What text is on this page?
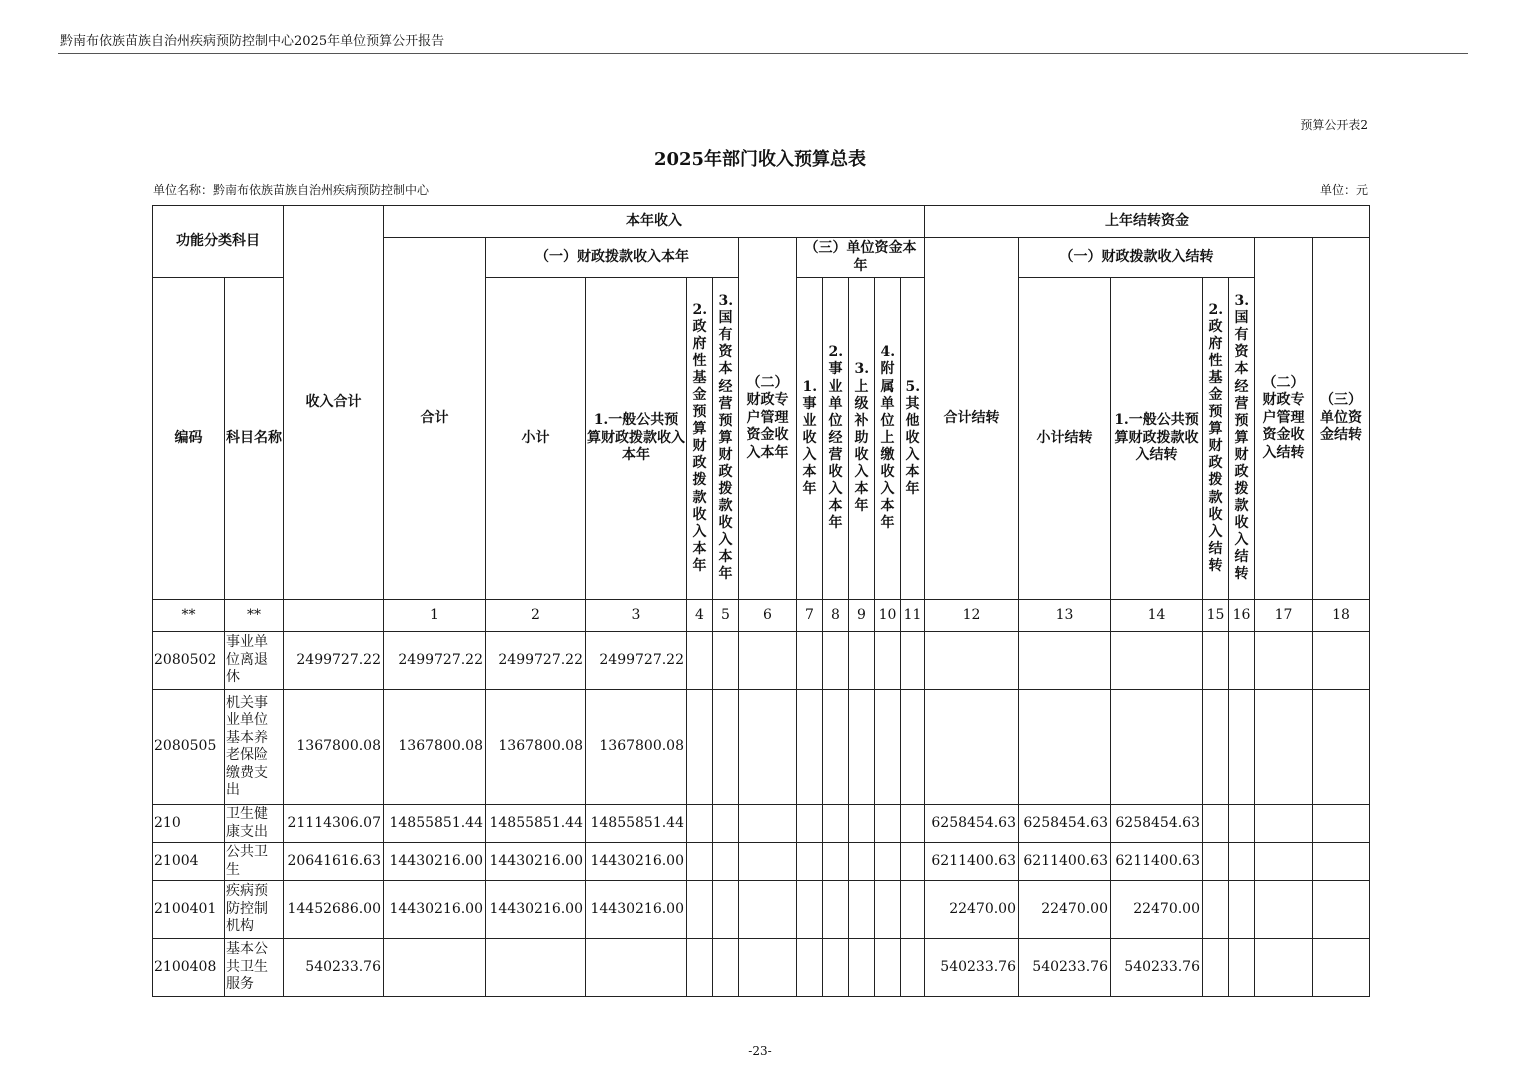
黔南布依族苗族自治州疾病预防控制中心2025年单位预算公开报告
预算公开表2
2025年部门收入预算总表
单位名称：黔南布依族苗族自治州疾病预防控制中心	单位：元
功能分类科目		收入合计	本年收入											上年结转资金						
			合计	（一）财政拨款收入本年				（二）财政专户管理资金收入本年	（三）单位资金本年					合计结转	（一）财政拨款收入结转				（二）财政专户管理资金收入结转	（三）单位资金结转
编码	科目名称			小计	1.一般公共预算财政拨款收入本年	2.政府性基金预算财政拨款收入本年	3.国有资本经营预算财政拨款收入本年		1.事业收入本年	2.事业单位经营收入本年	3.上级补助收入本年	4.附属单位上缴收入本年	5.其他收入本年		小计结转	1.一般公共预算财政拨款收入结转	2.政府性基金预算财政拨款收入结转	3.国有资本经营预算财政拨款收入结转		

**	**		1	2	3	4	5	6	7	8	9	10	11	12	13	14	15	16	17	18
2080502	事业单位离退休	2499727.22	2499727.22	2499727.22	2499727.22															
2080505	机关事业单位基本养老保险缴费支出	1367800.08	1367800.08	1367800.08	1367800.08															
210	卫生健康支出	21114306.07	14855851.44	14855851.44	14855851.44									6258454.63	6258454.63	6258454.63				
21004	公共卫生	20641616.63	14430216.00	14430216.00	14430216.00									6211400.63	6211400.63	6211400.63				
2100401	疾病预防控制机构	14452686.00	14430216.00	14430216.00	14430216.00									22470.00	22470.00	22470.00				
2100408	基本公共卫生服务	540233.76												540233.76	540233.76	540233.76				
-23-
